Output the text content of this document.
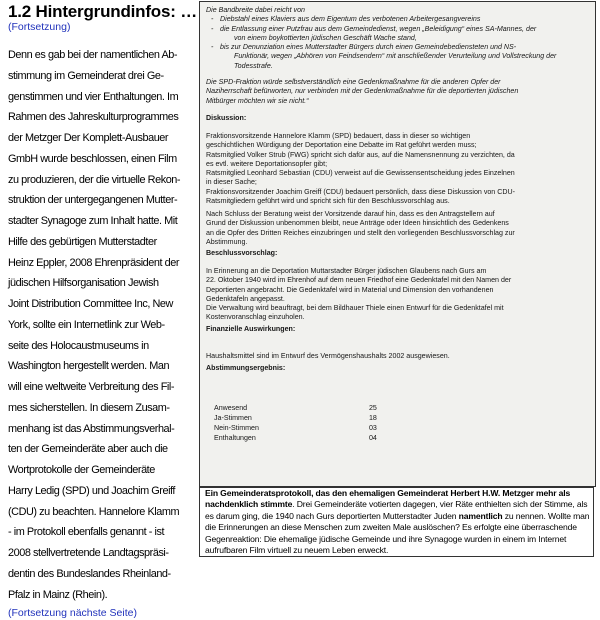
1.2 Hintergrundinfos: …
(Fortsetzung)

Denn es gab bei der namentlichen Ab-

stimmung im Gemeinderat drei Ge-

genstimmen und vier Enthaltungen. Im

Rahmen des Jahreskulturprogrammes

der Metzger Der Komplett-Ausbauer

GmbH wurde beschlossen, einen Film

zu produzieren, der die virtuelle Rekon-

struktion der untergegangenen Mutter-

stadter Synagoge zum Inhalt hatte. Mit

Hilfe des gebürtigen Mutterstadter

Heinz Eppler, 2008 Ehrenpräsident der

jüdischen Hilfsorganisation Jewish

Joint Distribution Committee Inc, New

York, sollte ein Internetlink zur Web-

seite des Holocaustmuseums in

Washington hergestellt werden. Man

will eine weltweite Verbreitung des Fil-

mes sicherstellen. In diesem Zusam-

menhang ist das Abstimmungsverhal-

ten der Gemeinderäte aber auch die

Wortprotokolle der Gemeinderäte

Harry Ledig (SPD) und Joachim Greiff

(CDU) zu beachten. Hannelore Klamm

- im Protokoll ebenfalls genannt - ist

2008 stellvertretende Landtagspräsi-

dentin des Bundeslandes Rheinland-

Pfalz in Mainz (Rhein).

(Fortsetzung nächste Seite)

Die Bandbreite dabei reicht von

- Diebstahl eines Klaviers aus dem Eigentum des verbotenen Arbeitergesangvereins
- die Entlassung einer Putzfrau aus dem Gemeindedienst, wegen „Beleidigung“ eines SA-Mannes, der
von einem boykottierten jüdischen Geschäft Wache stand,
- bis zur Denunziation eines Mutterstadter Bürgers durch einen Gemeindebediensteten und NS-
Funktionär, wegen „Abhören von Feindsendern“ mit anschließender Verurteilung und Vollstreckung der
Todesstrafe.

Die SPD-Fraktion würde selbstverständlich eine Gedenkmaßnahme für die anderen Opfer der

Naziherrschaft befürworten, nur verbinden mit der Gedenkmaßnahme für die deportierten jüdischen

Mitbürger möchten wir sie nicht.“

Diskussion:

Fraktionsvorsitzende Hannelore Klamm (SPD) bedauert, dass in dieser so wichtigen

geschichtlichen Würdigung der Deportation eine Debatte im Rat geführt werden muss;

Ratsmitglied Volker Strub (FWG) spricht sich dafür aus, auf die Namensnennung zu verzichten, da

es evtl. weitere Deportationsopfer gibt;

Ratsmitglied Leonhard Sebastian (CDU) verweist auf die Gewissensentscheidung jedes Einzelnen

in dieser Sache;

Fraktionsvorsitzender Joachim Greiff (CDU) bedauert persönlich, dass diese Diskussion von CDU-

Ratsmitgliedern geführt wird und spricht sich für den Beschlussvorschlag aus.

Nach Schluss der Beratung weist der Vorsitzende darauf hin, dass es den Antragstellern auf

Grund der Diskussion unbenommen bleibt, neue Anträge oder Ideen hinsichtlich des Gedenkens

an die Opfer des Dritten Reiches einzubringen und stellt den vorliegenden Beschlussvorschlag zur

Abstimmung.

Beschlussvorschlag:

In Erinnerung an die Deportation Muttarstadter Bürger jüdischen Glaubens nach Gurs am

22. Oktober 1940 wird im Ehrenhof auf dem neuen Friedhof eine Gedenktafel mit den Namen der

Deportierten angebracht. Die Gedenktafel wird in Material und Dimension den vorhandenen

Gedenktafeln angepasst.

Die Verwaltung wird beauftragt, bei dem Bildhauer Thiele einen Entwurf für die Gedenktafel mit

Kostenvoranschlag einzuholen.

Finanzielle Auswirkungen:
Haushaltsmittel sind im Entwurf des Vermögenshaushalts 2002 ausgewiesen.
Abstimmungsergebnis:
Anwesend	25
Ja-Stimmen	18
Nein-Stimmen	03
Enthaltungen	04

Ein Gemeinderatsprotokoll, das den ehemaligen Gemeinderat Herbert H.W. Metzger mehr als nachdenklich stimmte. Drei Gemeinderäte votierten dagegen, vier Räte enthielten sich der Stimme, als es darum ging, die 1940 nach Gurs deportierten Mutterstadter Juden namentlich zu nennen. Wollte man die Erinnerungen an diese Menschen zum zweiten Male auslöschen? Es erfolgte eine überraschende Gegenreaktion: Die ehemalige jüdische Gemeinde und ihre Synagoge wurden in einem im Internet aufrufbaren Film virtuell zu neuem Leben erweckt.
